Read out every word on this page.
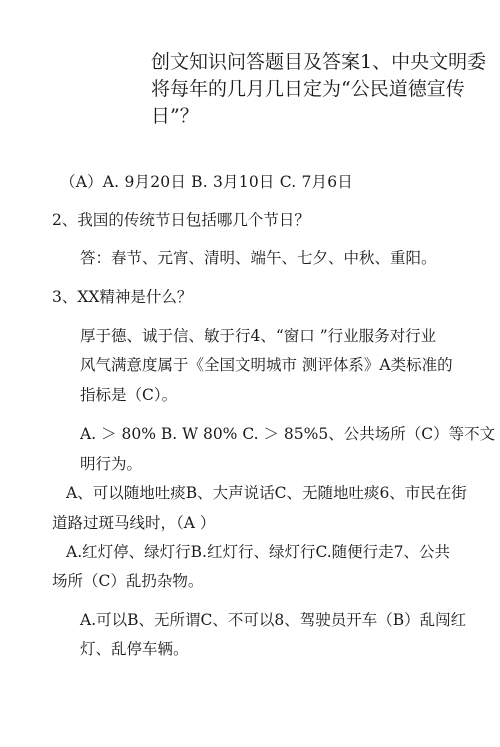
创文知识问答题目及答案1、中央文明委

将每年的几月几日定为“公民道德宣传

日”？

（A）A. 9月20日 B. 3月10日 C. 7月6日

2、我国的传统节日包括哪几个节日？

答：春节、元宵、清明、端午、七夕、中秋、重阳。

3、XX精神是什么？

厚于德、诚于信、敏于行4、“窗口 ”行业服务对行业

风气满意度属于《全国文明城市 测评体系》A类标准的

指标是（C）。

A. ＞ 80% B. W 80% C. ＞ 85%5、公共场所（C）等不文

明行为。

A、可以随地吐痰B、大声说话C、无随地吐痰6、市民在街

道路过斑马线时，（A ）

A.红灯停、绿灯行B.红灯行、绿灯行C.随便行走7、公共

场所（C）乱扔杂物。

A.可以B、无所谓C、不可以8、驾驶员开车（B）乱闯红

灯、乱停车辆。
